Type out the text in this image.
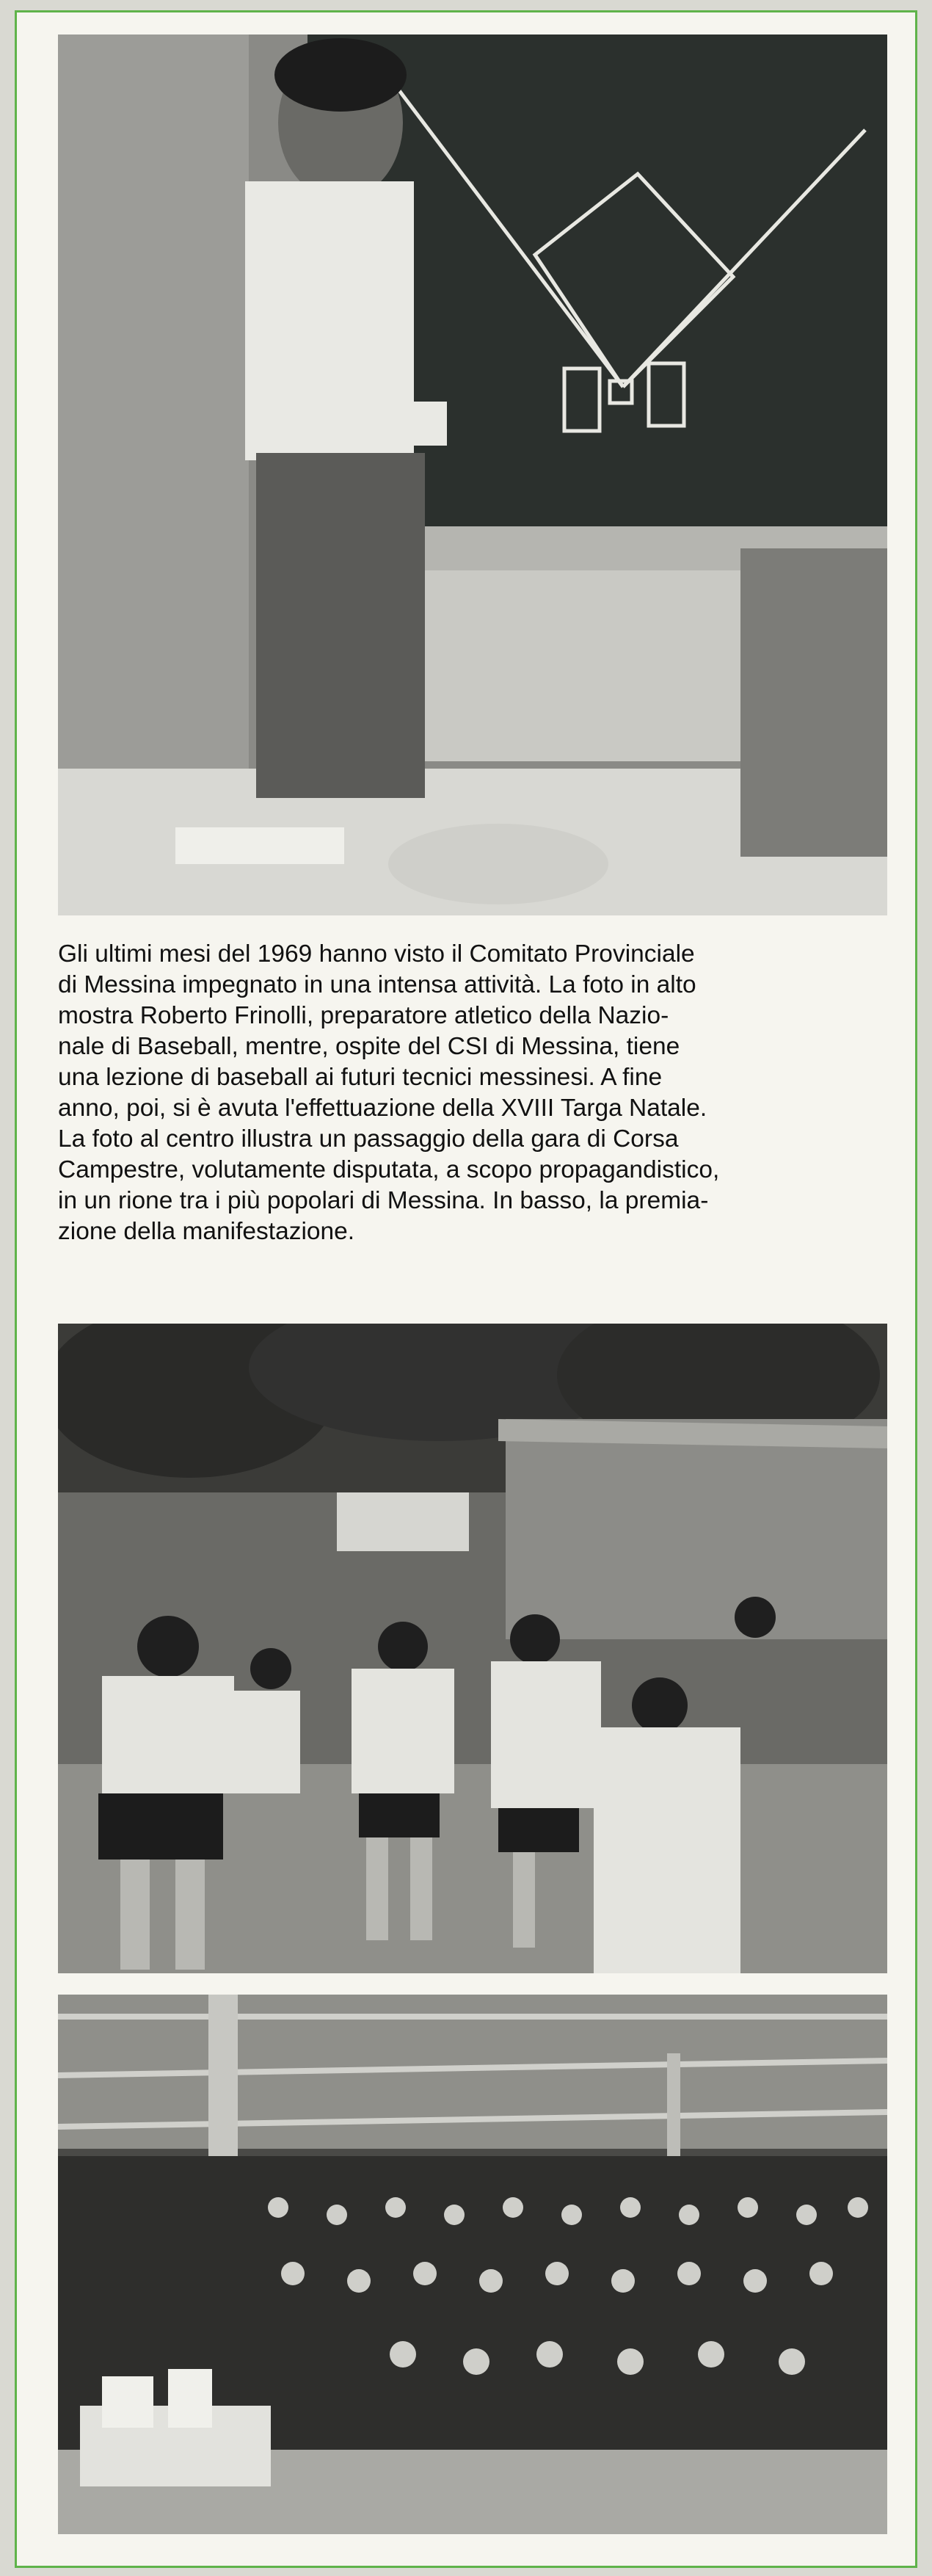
Gli ultimi mesi del 1969 hanno visto il Comitato Provinciale

di Messina impegnato in una intensa attività. La foto in alto

mostra Roberto Frinolli, preparatore atletico della Nazio-

nale di Baseball, mentre, ospite del CSI di Messina, tiene

una lezione di baseball ai futuri tecnici messinesi. A fine

anno, poi, si è avuta l'effettuazione della XVIII Targa Natale.

La foto al centro illustra un passaggio della gara di Corsa

Campestre, volutamente disputata, a scopo propagandistico,

in un rione tra i più popolari di Messina. In basso, la premia-

zione della manifestazione.
